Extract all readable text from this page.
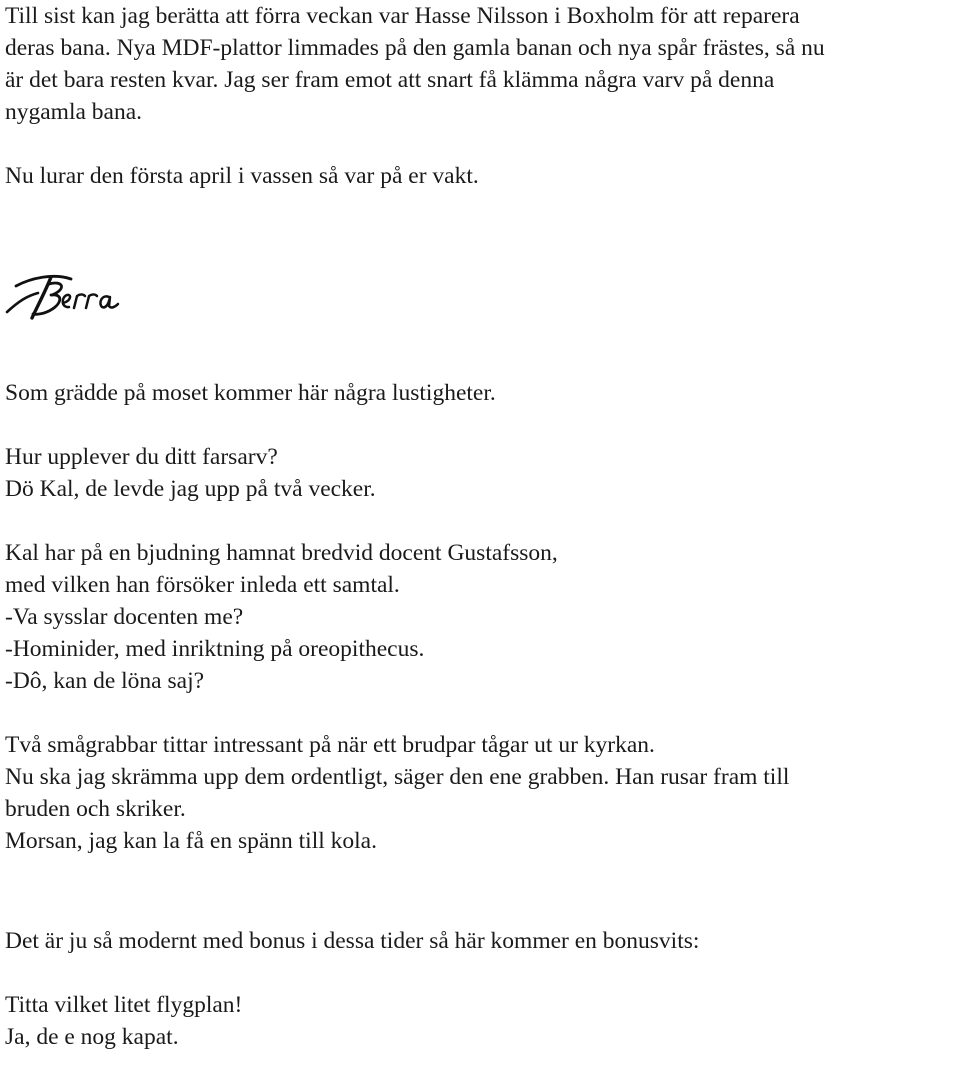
Till sist kan jag berätta att förra veckan var Hasse Nilsson i Boxholm för att reparera

deras bana. Nya MDF-plattor limmades på den gamla banan och nya spår frästes, så nu

är det bara resten kvar. Jag ser fram emot att snart få klämma några varv på denna

nygamla bana.

Nu lurar den första april i vassen så var på er vakt.

Som grädde på moset kommer här några lustigheter.

Hur upplever du ditt farsarv?

Dö Kal, de levde jag upp på två vecker.

Kal har på en bjudning hamnat bredvid docent Gustafsson,

med vilken han försöker inleda ett samtal.

-Va sysslar docenten me?

-Hominider, med inriktning på oreopithecus.

-Dô, kan de löna saj?

Två smågrabbar tittar intressant på när ett brudpar tågar ut ur kyrkan.

Nu ska jag skrämma upp dem ordentligt, säger den ene grabben. Han rusar fram till

bruden och skriker.

Morsan, jag kan la få en spänn till kola.

Det är ju så modernt med bonus i dessa tider så här kommer en bonusvits:

Titta vilket litet flygplan!

Ja, de e nog kapat.
